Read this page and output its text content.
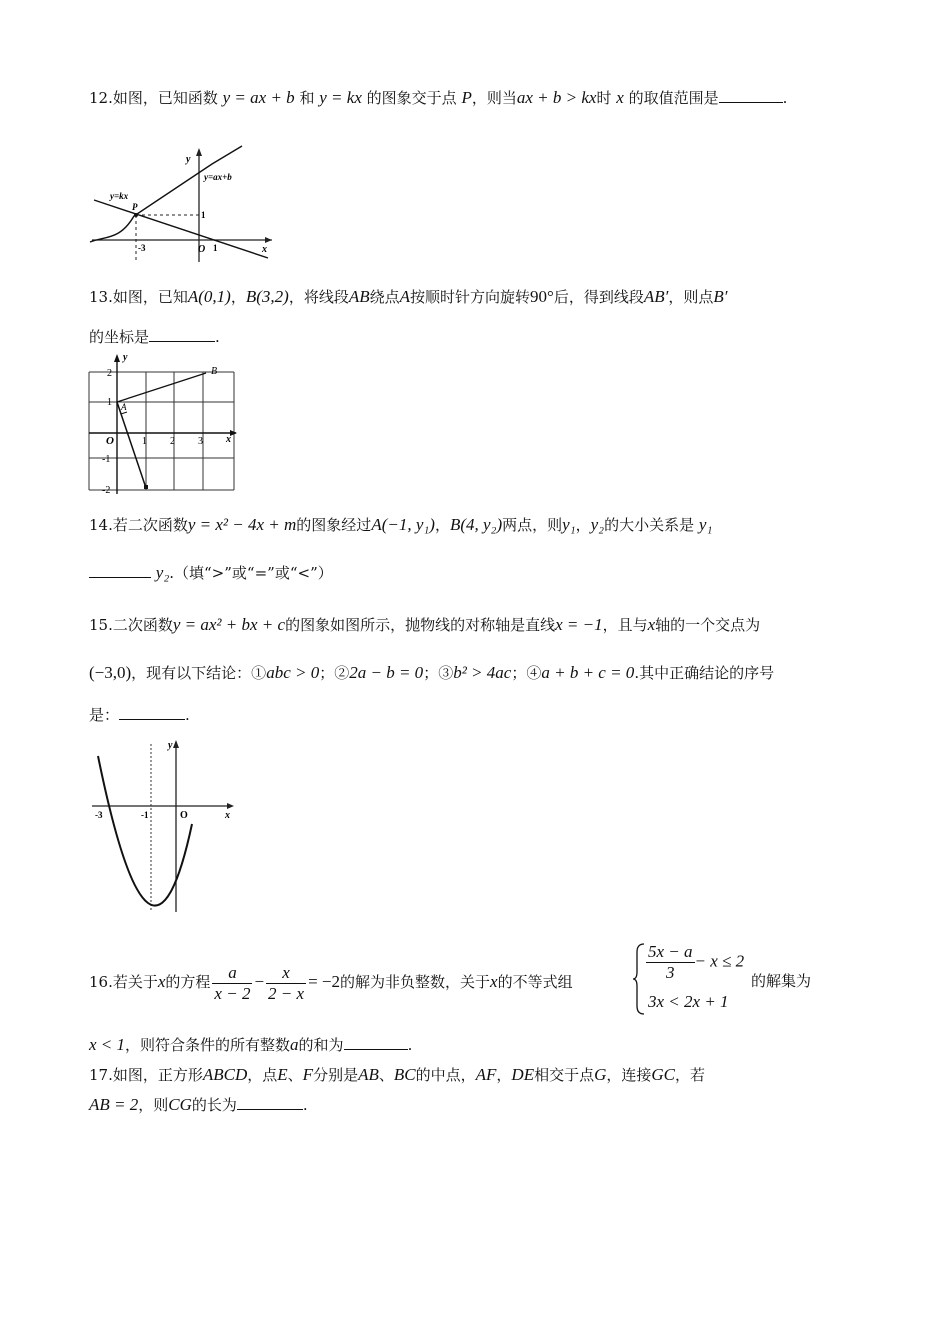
12.如图，已知函数 y = ax + b 和 y = kx 的图象交于点 P，则当ax + b > kx时 x 的取值范围是	.
y=kx
y=ax+b
y
x
P
1
-3	O 1
13.如图，已知A(0,1)，B(3,2)，将线段AB绕点A按顺时针方向旋转90°后，得到线段AB′，则点B′
的坐标是	.
y
x
B
A
O
2
1
-1
-2
1 2 3
14.若二次函数y = x² − 4x + m的图象经过A(−1, y₁)，B(4, y₂)两点，则y₁，y₂的大小关系是 y₁
y₂.（填“>”或“=”或“<”）
15.二次函数y = ax² + bx + c的图象如图所示，抛物线的对称轴是直线x = −1，且与x轴的一个交点为
(−3,0)，现有以下结论：①abc > 0；②2a − b = 0；③b² > 4ac；④a + b + c = 0.其中正确结论的序号
是：	.
y
x
-3	-1	O
16.若关于x的方程 $\frac{a}{x - 2} - \frac{x}{2 - x} = -2$的解为非负整数，关于x的不等式组	$\frac{5x - a}{3} - x \le 2$
3x < 2x + 1
的解集为
x < 1，则符合条件的所有整数a的和为	.
17.如图，正方形ABCD，点E、F分别是AB、BC的中点，AF，DE相交于点G，连接GC，若
AB = 2，则CG的长为	.
